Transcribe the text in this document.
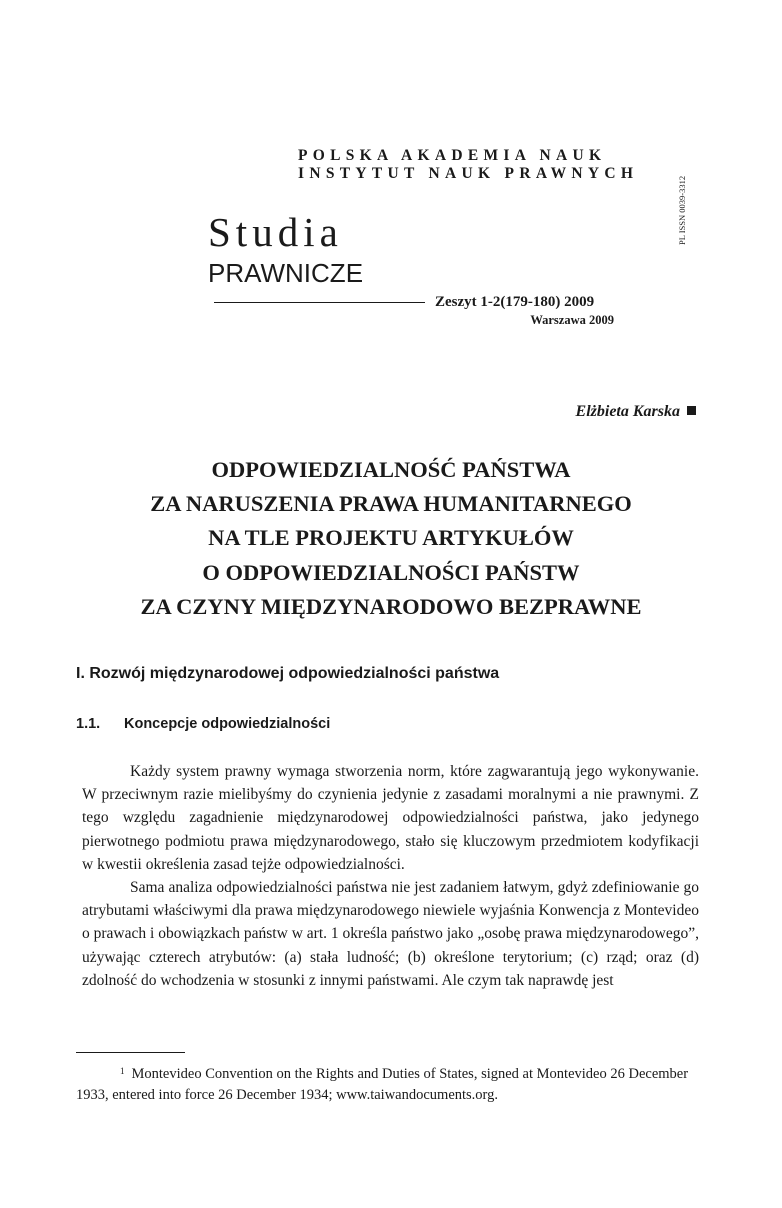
POLSKA AKADEMIA NAUK
INSTYTUT NAUK PRAWNYCH
PL ISSN 0039-3312
Studia
PRAWNICZE
Zeszyt 1-2(179-180) 2009
Warszawa 2009
Elżbieta Karska
ODPOWIEDZIALNOŚĆ PAŃSTWA
ZA NARUSZENIA PRAWA HUMANITARNEGO
NA TLE PROJEKTU ARTYKUŁÓW
O ODPOWIEDZIALNOŚCI PAŃSTW
ZA CZYNY MIĘDZYNARODOWO BEZPRAWNE
I. Rozwój międzynarodowej odpowiedzialności państwa
1.1. Koncepcje odpowiedzialności

Każdy system prawny wymaga stworzenia norm, które zagwarantują jego wykonywanie. W przeciwnym razie mielibyśmy do czynienia jedynie z zasadami moralnymi a nie prawnymi. Z tego względu zagadnienie międzynarodowej odpowiedzialności państwa, jako jedynego pierwotnego podmiotu prawa międzynarodowego, stało się kluczowym przedmiotem kodyfikacji w kwestii określenia zasad tejże odpowiedzialności.

Sama analiza odpowiedzialności państwa nie jest zadaniem łatwym, gdyż zdefiniowanie go atrybutami właściwymi dla prawa międzynarodowego niewiele wyjaśnia Konwencja z Montevideo o prawach i obowiązkach państw w art. 1 określa państwo jako „osobę prawa międzynarodowego”, używając czterech atrybutów: (a) stała ludność; (b) określone terytorium; (c) rząd; oraz (d) zdolność do wchodzenia w stosunki z innymi państwami. Ale czym tak naprawdę jest

$^1$ Montevideo Convention on the Rights and Duties of States, signed at Montevideo 26 December 1933, entered into force 26 December 1934; www.taiwandocuments.org.
